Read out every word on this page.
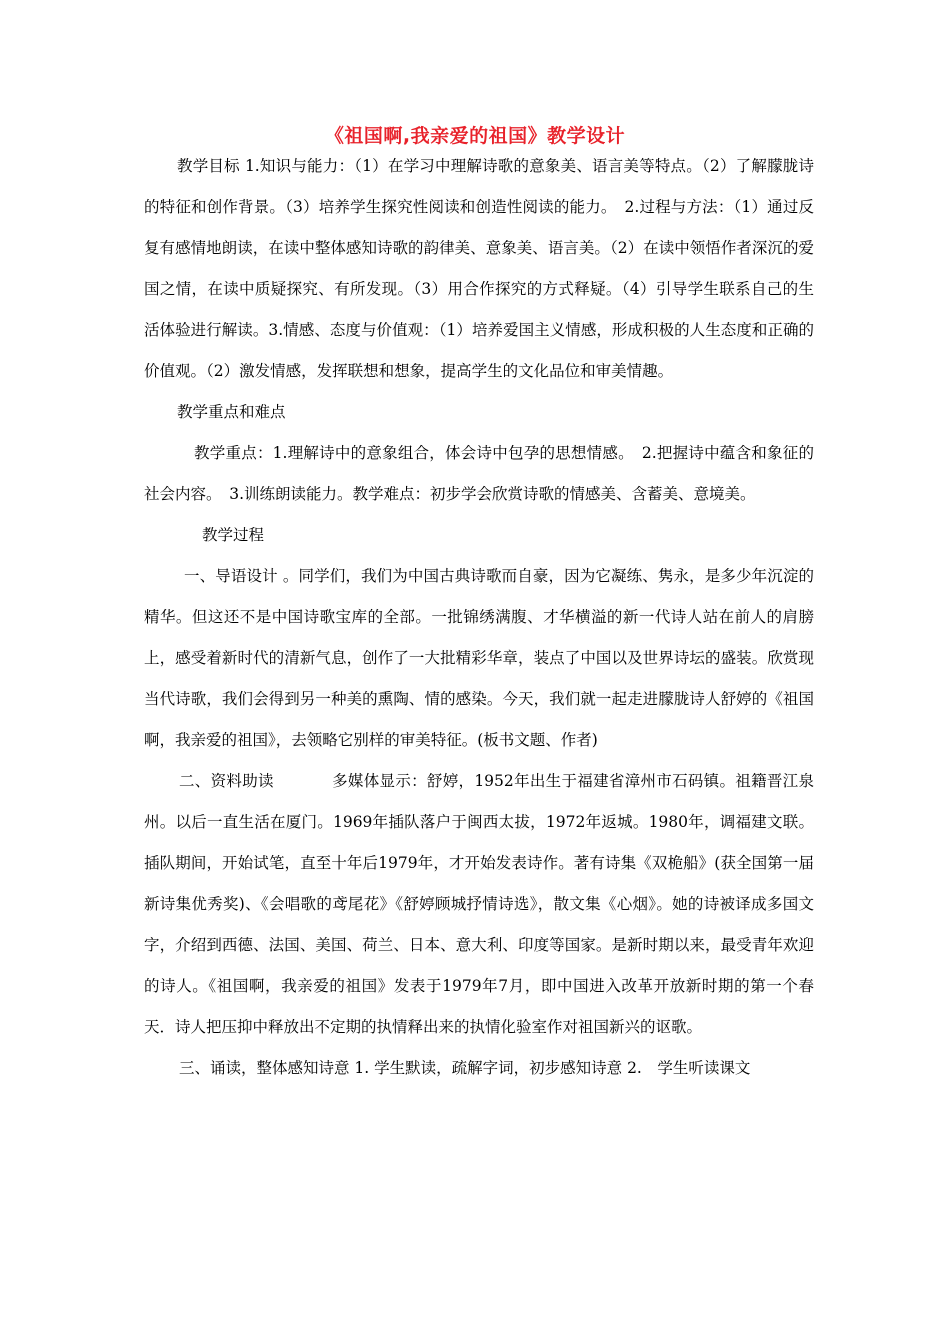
《祖国啊,我亲爱的祖国》教学设计

教学目标 1.知识与能力：（1）在学习中理解诗歌的意象美、语言美等特点。（2）了解朦胧诗的特征和创作背景。（3）培养学生探究性阅读和创造性阅读的能力。　2.过程与方法：（1）通过反复有感情地朗读，在读中整体感知诗歌的韵律美、意象美、语言美。（2）在读中领悟作者深沉的爱国之情，在读中质疑探究、有所发现。（3）用合作探究的方式释疑。（4）引导学生联系自己的生活体验进行解读。3.情感、态度与价值观：（1）培养爱国主义情感，形成积极的人生态度和正确的价值观。（2）激发情感，发挥联想和想象，提高学生的文化品位和审美情趣。

教学重点和难点

教学重点：1.理解诗中的意象组合，体会诗中包孕的思想情感。　2.把握诗中蕴含和象征的社会内容。　3.训练朗读能力。教学难点：初步学会欣赏诗歌的情感美、含蓄美、意境美。

教学过程

一、导语设计 。同学们，我们为中国古典诗歌而自豪，因为它凝练、隽永，是多少年沉淀的精华。但这还不是中国诗歌宝库的全部。一批锦绣满腹、才华横溢的新一代诗人站在前人的肩膀上，感受着新时代的清新气息，创作了一大批精彩华章，装点了中国以及世界诗坛的盛装。欣赏现当代诗歌，我们会得到另一种美的熏陶、情的感染。今天，我们就一起走进朦胧诗人舒婷的《祖国啊，我亲爱的祖国》，去领略它别样的审美特征。(板书文题、作者)

二、资料助读	多媒体显示：舒婷，1952年出生于福建省漳州市石码镇。祖籍晋江泉州。以后一直生活在厦门。1969年插队落户于闽西太拔，1972年返城。1980年，调福建文联。插队期间，开始试笔，直至十年后1979年，才开始发表诗作。著有诗集《双桅船》(获全国第一届新诗集优秀奖)、《会唱歌的鸢尾花》《舒婷顾城抒情诗选》，散文集《心烟》。她的诗被译成多国文字，介绍到西德、法国、美国、荷兰、日本、意大利、印度等国家。是新时期以来，最受青年欢迎的诗人。《祖国啊，我亲爱的祖国》发表于1979年7月，即中国进入改革开放新时期的第一个春天．诗人把压抑中释放出不定期的执情释出来的执情化验室作对祖国新兴的讴歌。

三、诵读，整体感知诗意 1. 学生默读，疏解字词，初步感知诗意 2.　学生听读课文
